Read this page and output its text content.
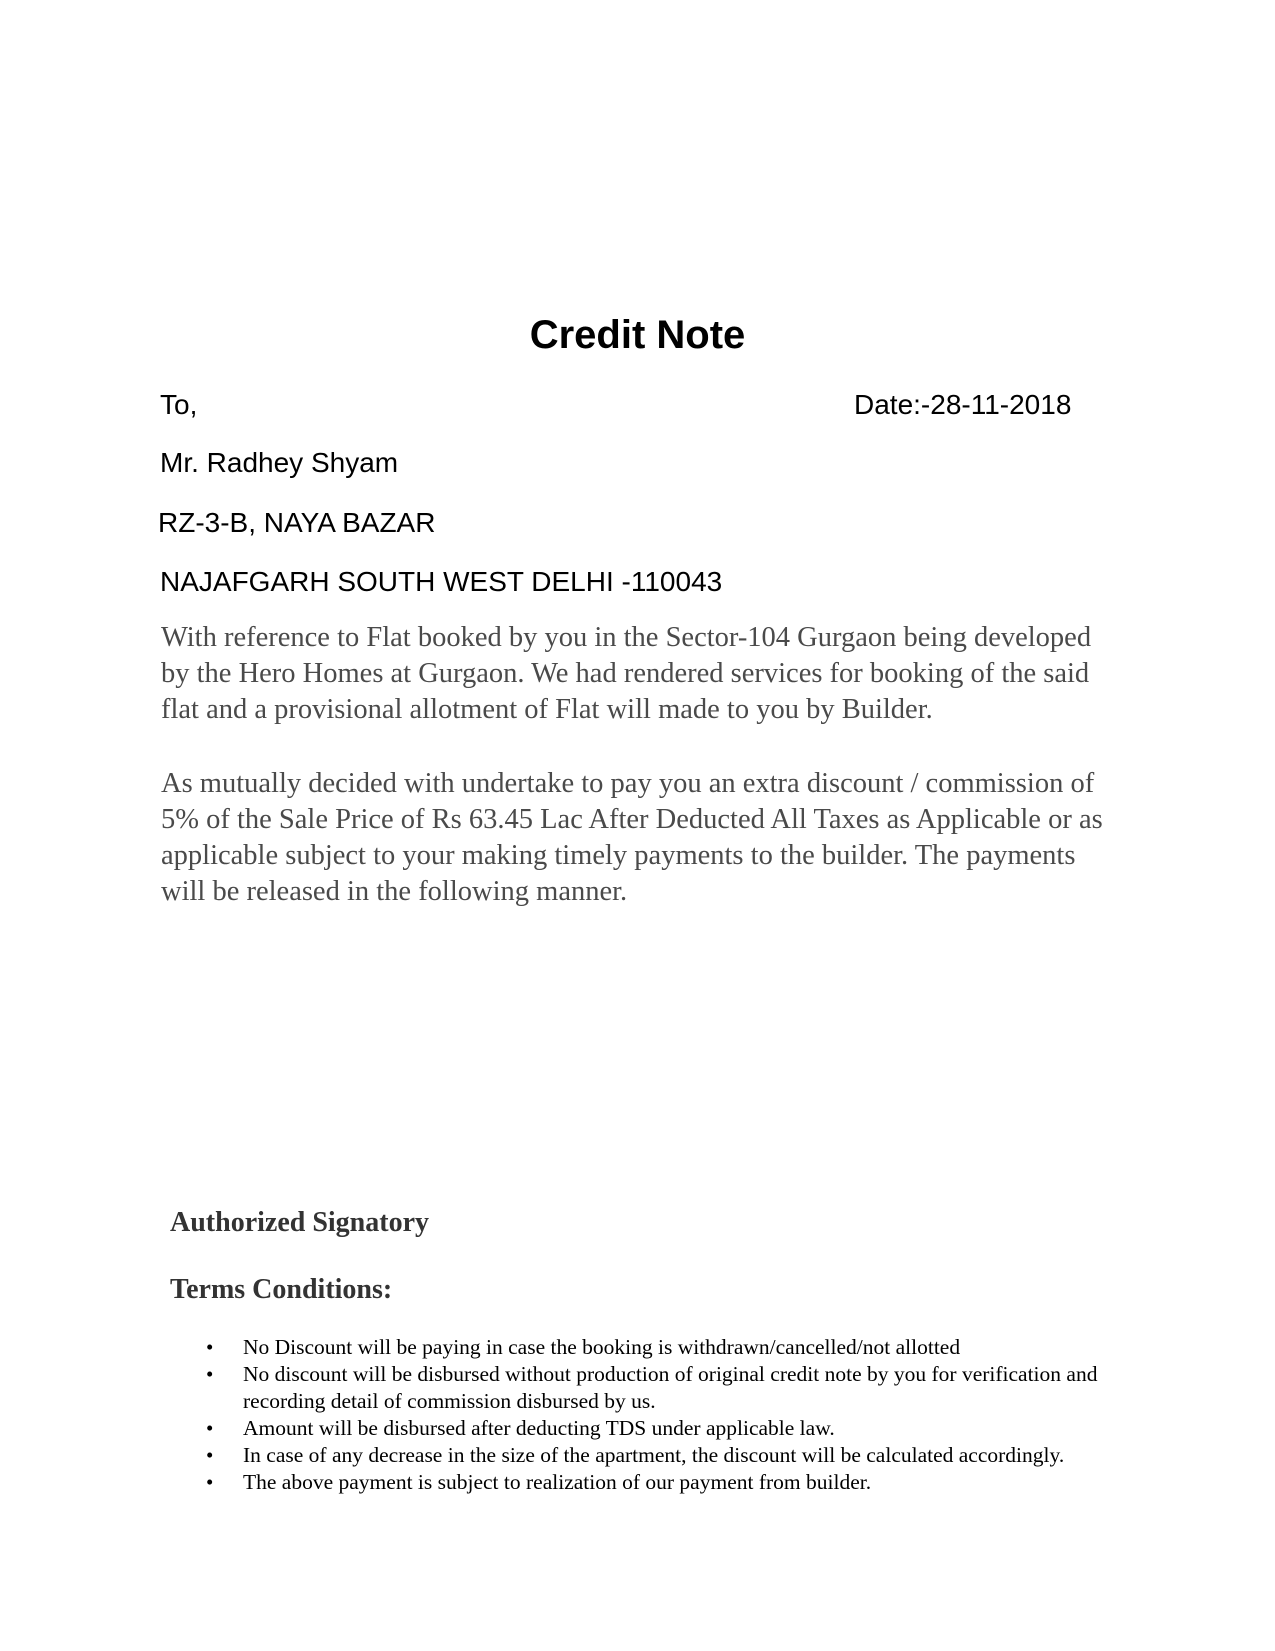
Credit Note
To,	Date:-28-11-2018
Mr. Radhey Shyam
RZ-3-B, NAYA BAZAR
NAJAFGARH SOUTH WEST DELHI -110043

With reference to Flat booked by you in the Sector-104 Gurgaon being developed by the Hero Homes at Gurgaon. We had rendered services for booking of the said flat and a provisional allotment of Flat will made to you by Builder.

As mutually decided with undertake to pay you an extra discount / commission of 5% of the Sale Price of Rs 63.45 Lac After Deducted All Taxes as Applicable or as applicable subject to your making timely payments to the builder. The payments will be released in the following manner.

Authorized Signatory
Terms Conditions:
• No Discount will be paying in case the booking is withdrawn/cancelled/not allotted
• No discount will be disbursed without production of original credit note by you for verification and recording detail of commission disbursed by us.
• Amount will be disbursed after deducting TDS under applicable law.
• In case of any decrease in the size of the apartment, the discount will be calculated accordingly.
• The above payment is subject to realization of our payment from builder.
